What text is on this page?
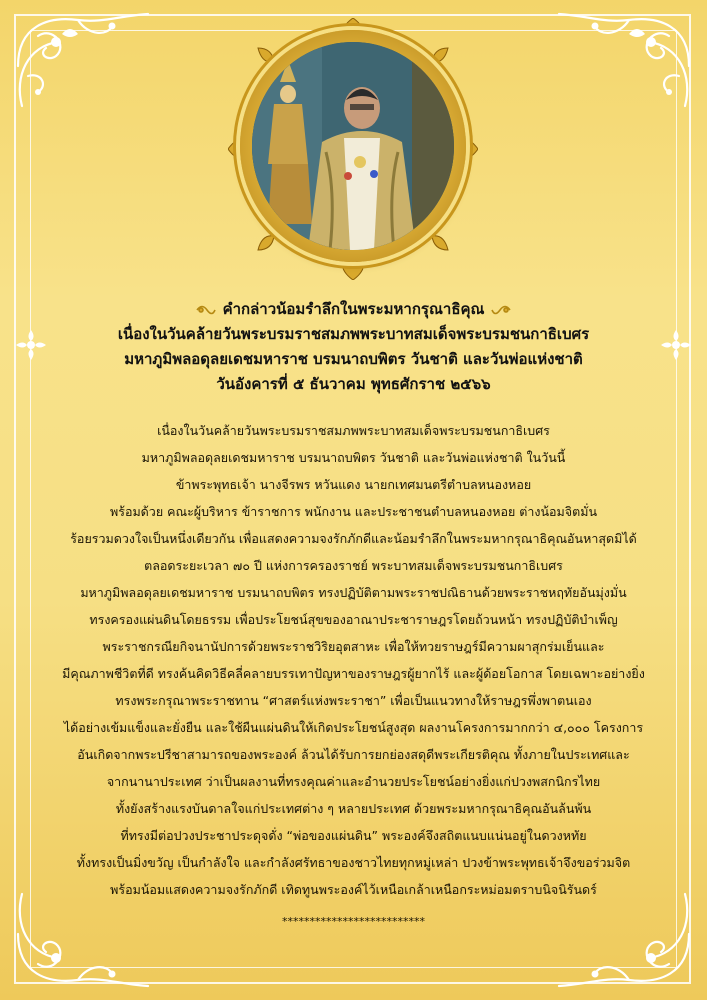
คำกล่าวน้อมรำลึกในพระมหากรุณาธิคุณ
เนื่องในวันคล้ายวันพระบรมราชสมภพพระบาทสมเด็จพระบรมชนกาธิเบศร
มหาภูมิพลอดุลยเดชมหาราช บรมนาถบพิตร วันชาติ และวันพ่อแห่งชาติ
วันอังคารที่ ๕ ธันวาคม พุทธศักราช ๒๕๖๖
เนื่องในวันคล้ายวันพระบรมราชสมภพพระบาทสมเด็จพระบรมชนกาธิเบศร
มหาภูมิพลอดุลยเดชมหาราช บรมนาถบพิตร วันชาติ และวันพ่อแห่งชาติ ในวันนี้
ข้าพระพุทธเจ้า นางจีรพร หวันแดง นายกเทศมนตรีตำบลหนองหอย
พร้อมด้วย คณะผู้บริหาร ข้าราชการ พนักงาน และประชาชนตำบลหนองหอย ต่างน้อมจิตมั่น
ร้อยรวมดวงใจเป็นหนึ่งเดียวกัน เพื่อแสดงความจงรักภักดีและน้อมรำลึกในพระมหากรุณาธิคุณอันหาสุดมิได้
ตลอดระยะเวลา ๗๐ ปี แห่งการครองราชย์ พระบาทสมเด็จพระบรมชนกาธิเบศร
มหาภูมิพลอดุลยเดชมหาราช บรมนาถบพิตร ทรงปฏิบัติตามพระราชปณิธานด้วยพระราชหฤทัยอันมุ่งมั่น
ทรงครองแผ่นดินโดยธรรม เพื่อประโยชน์สุขของอาณาประชาราษฎรโดยถ้วนหน้า ทรงปฏิบัติบำเพ็ญ
พระราชกรณียกิจนานัปการด้วยพระราชวิริยอุตสาหะ เพื่อให้ทวยราษฎร์มีความผาสุกร่มเย็นและ
มีคุณภาพชีวิตที่ดี ทรงค้นคิดวิธีคลี่คลายบรรเทาปัญหาของราษฎรผู้ยากไร้ และผู้ด้อยโอกาส โดยเฉพาะอย่างยิ่ง
ทรงพระกรุณาพระราชทาน “ศาสตร์แห่งพระราชา” เพื่อเป็นแนวทางให้ราษฎรพึ่งพาตนเอง
ได้อย่างเข้มแข็งและยั่งยืน และใช้ผืนแผ่นดินให้เกิดประโยชน์สูงสุด ผลงานโครงการมากกว่า ๔,๐๐๐ โครงการ
อันเกิดจากพระปรีชาสามารถของพระองค์ ล้วนได้รับการยกย่องสดุดีพระเกียรติคุณ ทั้งภายในประเทศและ
จากนานาประเทศ ว่าเป็นผลงานที่ทรงคุณค่าและอำนวยประโยชน์อย่างยิ่งแก่ปวงพสกนิกรไทย
ทั้งยังสร้างแรงบันดาลใจแก่ประเทศต่าง ๆ หลายประเทศ ด้วยพระมหากรุณาธิคุณอันล้นพ้น
ที่ทรงมีต่อปวงประชาประดุจดั่ง “พ่อของแผ่นดิน” พระองค์จึงสถิตแนบแน่นอยู่ในดวงหทัย
ทั้งทรงเป็นมิ่งขวัญ เป็นกำลังใจ และกำลังศรัทธาของชาวไทยทุกหมู่เหล่า ปวงข้าพระพุทธเจ้าจึงขอร่วมจิต
พร้อมน้อมแสดงความจงรักภักดี เทิดทูนพระองค์ไว้เหนือเกล้าเหนือกระหม่อมตราบนิจนิรันดร์
**************************
